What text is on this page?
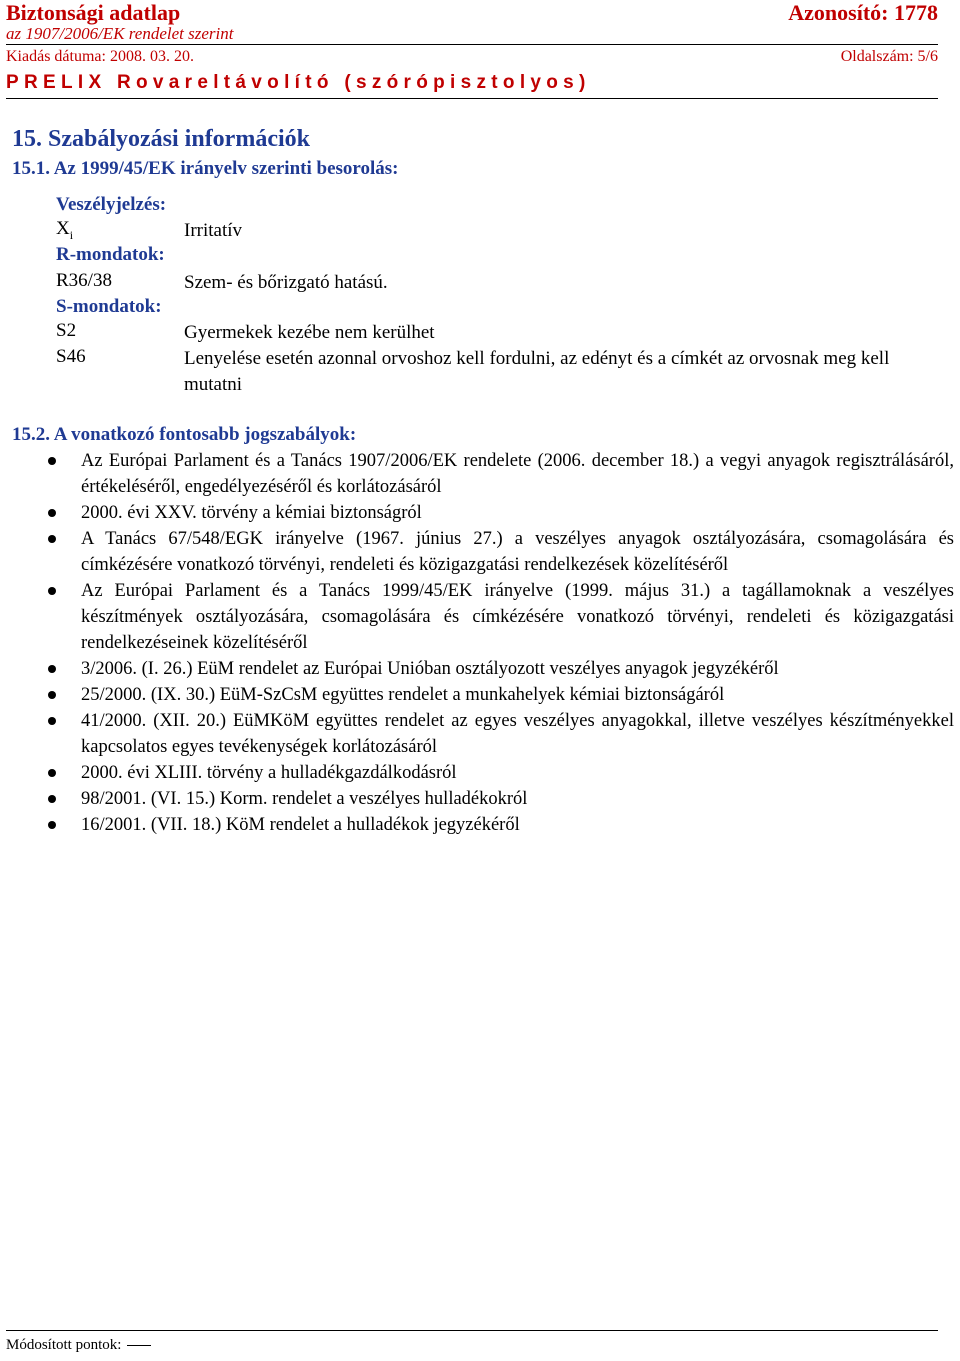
Biztonsági adatlap	Azonosító: 1778
az 1907/2006/EK rendelet szerint
Kiadás dátuma: 2008. 03. 20.	Oldalszám: 5/6
PRELIX Rovareltávolító (szórópisztolyos)
15. Szabályozási információk
15.1. Az 1999/45/EK irányelv szerinti besorolás:
Veszélyjelzés:
$X_i$	Irritatív
R-mondatok:
R36/38	Szem- és bőrizgató hatású.
S-mondatok:
S2	Gyermekek kezébe nem kerülhet
S46	Lenyelése esetén azonnal orvoshoz kell fordulni, az edényt és a címkét az orvosnak meg kell mutatni
15.2. A vonatkozó fontosabb jogszabályok:
Az Európai Parlament és a Tanács 1907/2006/EK rendelete (2006. december 18.) a vegyi anyagok regisztrálásáról, értékeléséről, engedélyezéséről és korlátozásáról
2000. évi XXV. törvény a kémiai biztonságról
A Tanács 67/548/EGK irányelve (1967. június 27.) a veszélyes anyagok osztályozására, csomagolására és címkézésére vonatkozó törvényi, rendeleti és közigazgatási rendelkezések közelítéséről
Az Európai Parlament és a Tanács 1999/45/EK irányelve (1999. május 31.) a tagállamoknak a veszélyes készítmények osztályozására, csomagolására és címkézésére vonatkozó törvényi, rendeleti és közigazgatási rendelkezéseinek közelítéséről
3/2006. (I. 26.) EüM rendelet az Európai Unióban osztályozott veszélyes anyagok jegyzékéről
25/2000. (IX. 30.) EüM-SzCsM együttes rendelet a munkahelyek kémiai biztonságáról
41/2000. (XII. 20.) EüMKöM együttes rendelet az egyes veszélyes anyagokkal, illetve veszélyes készítményekkel kapcsolatos egyes tevékenységek korlátozásáról
2000. évi XLIII. törvény a hulladékgazdálkodásról
98/2001. (VI. 15.) Korm. rendelet a veszélyes hulladékokról
16/2001. (VII. 18.) KöM rendelet a hulladékok jegyzékéről
Módosított pontok:
